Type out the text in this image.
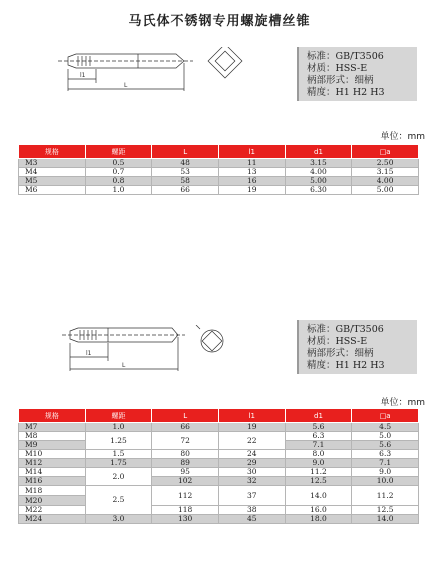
马氏体不锈钢专用螺旋槽丝锥
l1
L
标准：GB/T3506
材质：HSS-E
柄部形式：细柄
精度：H1 H2 H3
单位：mm
规格	螺距	L	l1	d1	□a
M3	0.5	48	11	3.15	2.50
M4	0.7	53	13	4.00	3.15
M5	0.8	58	16	5.00	4.00
M6	1.0	66	19	6.30	5.00
l1
L
标准：GB/T3506
材质：HSS-E
柄部形式：细柄
精度：H1 H2 H3
单位：mm
规格	螺距	L	l1	d1	□a
M7	1.0	66	19	5.6	4.5
M8	1.25	72	22	6.3	5.0
M9				7.1	5.6
M10	1.5	80	24	8.0	6.3
M12	1.75	89	29	9.0	7.1
M14	2.0	95	30	11.2	9.0
M16		102	32	12.5	10.0
M18	2.5	112	37	14.0	11.2
M20					
M22		118	38	16.0	12.5
M24	3.0	130	45	18.0	14.0
